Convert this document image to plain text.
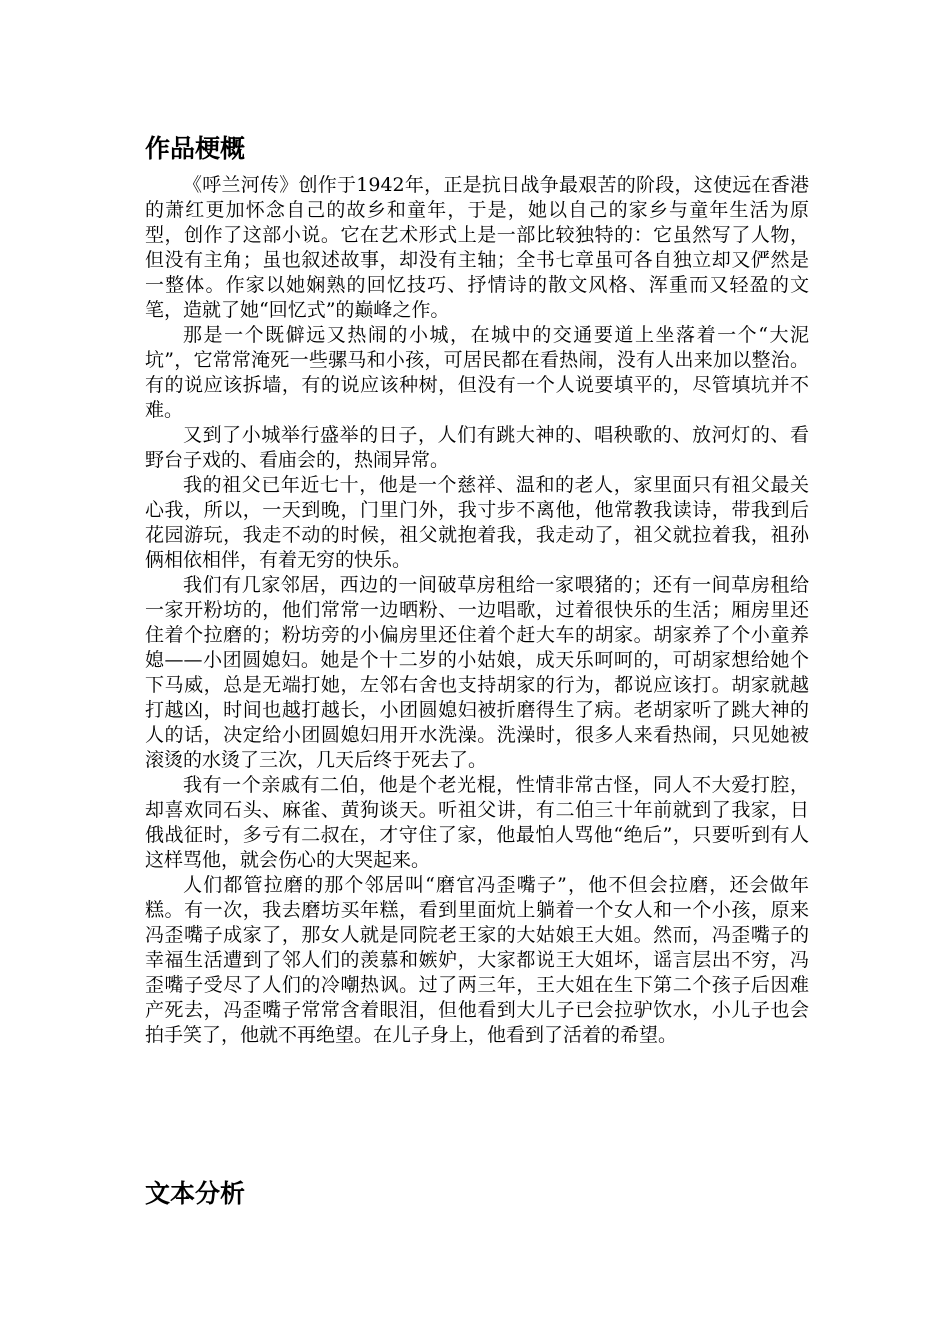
作品梗概

《呼兰河传》创作于1942年，正是抗日战争最艰苦的阶段，这使远在香港的萧红更加怀念自己的故乡和童年，于是，她以自己的家乡与童年生活为原型，创作了这部小说。它在艺术形式上是一部比较独特的：它虽然写了人物，但没有主角；虽也叙述故事，却没有主轴；全书七章虽可各自独立却又俨然是一整体。作家以她娴熟的回忆技巧、抒情诗的散文风格、浑重而又轻盈的文笔，造就了她“回忆式”的巅峰之作。

那是一个既僻远又热闹的小城，在城中的交通要道上坐落着一个“大泥坑”，它常常淹死一些骡马和小孩，可居民都在看热闹，没有人出来加以整治。有的说应该拆墙，有的说应该种树，但没有一个人说要填平的，尽管填坑并不难。

又到了小城举行盛举的日子，人们有跳大神的、唱秧歌的、放河灯的、看野台子戏的、看庙会的，热闹异常。

我的祖父已年近七十，他是一个慈祥、温和的老人，家里面只有祖父最关心我，所以，一天到晚，门里门外，我寸步不离他，他常教我读诗，带我到后花园游玩，我走不动的时候，祖父就抱着我，我走动了，祖父就拉着我，祖孙俩相依相伴，有着无穷的快乐。

我们有几家邻居，西边的一间破草房租给一家喂猪的；还有一间草房租给一家开粉坊的，他们常常一边晒粉、一边唱歌，过着很快乐的生活；厢房里还住着个拉磨的；粉坊旁的小偏房里还住着个赶大车的胡家。胡家养了个小童养媳——小团圆媳妇。她是个十二岁的小姑娘，成天乐呵呵的，可胡家想给她个下马威，总是无端打她，左邻右舍也支持胡家的行为，都说应该打。胡家就越打越凶，时间也越打越长，小团圆媳妇被折磨得生了病。老胡家听了跳大神的人的话，决定给小团圆媳妇用开水洗澡。洗澡时，很多人来看热闹，只见她被滚烫的水烫了三次，几天后终于死去了。

我有一个亲戚有二伯，他是个老光棍，性情非常古怪，同人不大爱打腔，却喜欢同石头、麻雀、黄狗谈天。听祖父讲，有二伯三十年前就到了我家，日俄战征时，多亏有二叔在，才守住了家，他最怕人骂他“绝后”，只要听到有人这样骂他，就会伤心的大哭起来。

人们都管拉磨的那个邻居叫“磨官冯歪嘴子”，他不但会拉磨，还会做年糕。有一次，我去磨坊买年糕，看到里面炕上躺着一个女人和一个小孩，原来冯歪嘴子成家了，那女人就是同院老王家的大姑娘王大姐。然而，冯歪嘴子的幸福生活遭到了邻人们的羡慕和嫉妒，大家都说王大姐坏，谣言层出不穷，冯歪嘴子受尽了人们的冷嘲热讽。过了两三年，王大姐在生下第二个孩子后因难产死去，冯歪嘴子常常含着眼泪，但他看到大儿子已会拉驴饮水，小儿子也会拍手笑了，他就不再绝望。在儿子身上，他看到了活着的希望。

文本分析
